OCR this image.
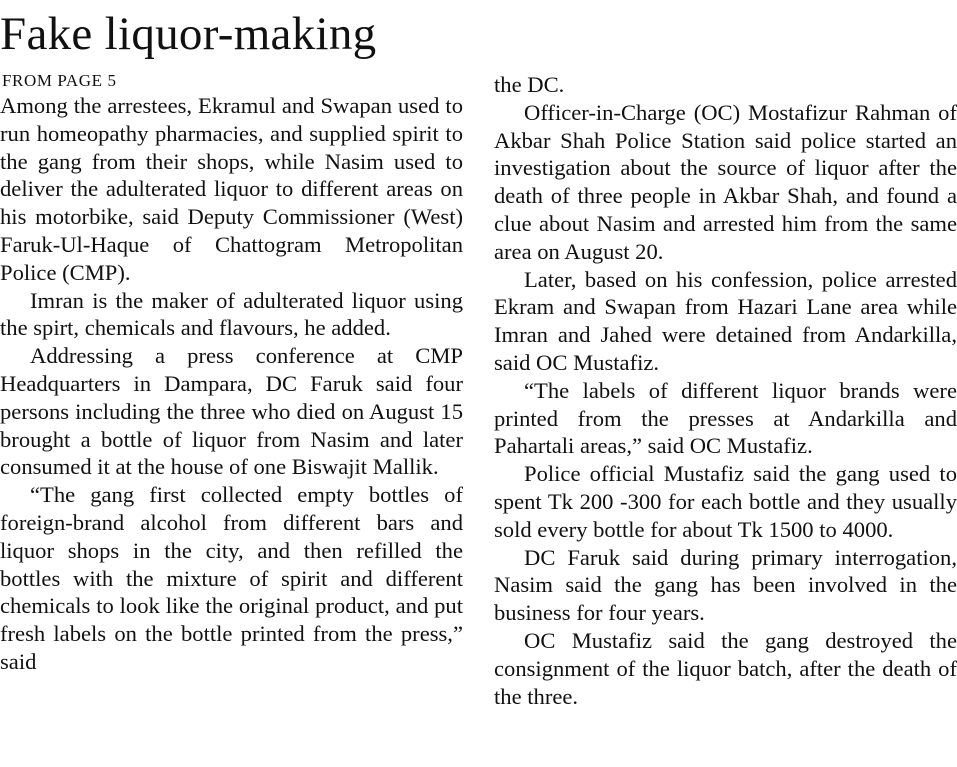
Fake liquor-making
FROM PAGE 5

Among the arrestees, Ekramul and Swapan used to run homeopathy pharmacies, and supplied spirit to the gang from their shops, while Nasim used to deliver the adulterated liquor to different areas on his motorbike, said Deputy Commissioner (West) Faruk-Ul-Haque of Chattogram Metropolitan Police (CMP).

Imran is the maker of adulterated liquor using the spirt, chemicals and flavours, he added.

Addressing a press conference at CMP Headquarters in Dampara, DC Faruk said four persons including the three who died on August 15 brought a bottle of liquor from Nasim and later consumed it at the house of one Biswajit Mallik.

“The gang first collected empty bottles of foreign-brand alcohol from different bars and liquor shops in the city, and then refilled the bottles with the mixture of spirit and different chemicals to look like the original product, and put fresh labels on the bottle printed from the press,” said

the DC.

Officer-in-Charge (OC) Mostafizur Rahman of Akbar Shah Police Station said police started an investigation about the source of liquor after the death of three people in Akbar Shah, and found a clue about Nasim and arrested him from the same area on August 20.

Later, based on his confession, police arrested Ekram and Swapan from Hazari Lane area while Imran and Jahed were detained from Andarkilla, said OC Mustafiz.

“The labels of different liquor brands were printed from the presses at Andarkilla and Pahartali areas,” said OC Mustafiz.

Police official Mustafiz said the gang used to spent Tk 200 -300 for each bottle and they usually sold every bottle for about Tk 1500 to 4000.

DC Faruk said during primary interrogation, Nasim said the gang has been involved in the business for four years.

OC Mustafiz said the gang destroyed the consignment of the liquor batch, after the death of the three.
